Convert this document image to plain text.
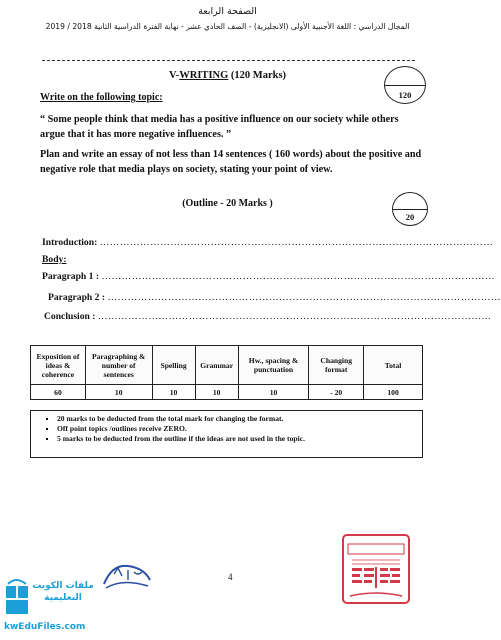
الصفحة الرابعة
المجال الدراسي : اللغة الأجنبية الأولى (الانجليزية) - الصف الحادي عشر - نهاية الفترة الدراسية الثانية 2018 / 2019
V-WRITING (120 Marks)
120
Write on the following topic:
“ Some people think that media has a positive influence on our society while others argue that it has more negative influences. ”
Plan and write an essay of not less than 14 sentences ( 160 words) about the positive and negative role that media plays on society, stating your point of view.
(Outline - 20 Marks )
20
Introduction: ………………………………………………………………………………………………………
Body:
Paragraph 1 : ………………………………………………………………………………………………………
Paragraph 2 : ………………………………………………………………………………………………………
Conclusion : ………………………………………………………………………………………………………
Exposition of ideas & coherence	Paragraphing & number of sentences	Spelling	Grammar	Hw., spacing & punctuation	Changing format	Total
60	10	10	10	10	- 20	100
▪ 20 marks to be deducted from the total mark for changing the format.
▪ Off point topics /outlines receive ZERO.
▪ 5 marks to be deducted from the outline if the ideas are not used in the topic.
4
ملفات الكويت
التعليمية
kwEduFiles.com
